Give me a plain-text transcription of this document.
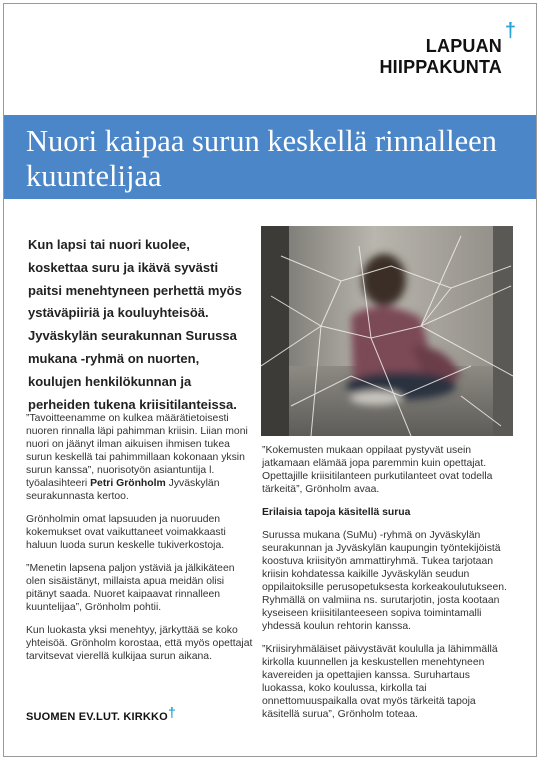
LAPUAN
HIIPPAKUNTA
†
Nuori kaipaa surun keskellä rinnalleen kuuntelijaa
Kun lapsi tai nuori kuolee, koskettaa suru ja ikävä syvästi paitsi menehtyneen perhettä myös ystäväpiiriä ja kouluyhteisöä. Jyväskylän seurakunnan Surussa mukana -ryhmä on nuorten, koulujen henkilökunnan ja perheiden tukena kriisitilanteissa.

”Tavoitteenamme on kulkea määrätietoisesti nuoren rinnalla läpi pahimman kriisin. Liian moni nuori on jäänyt ilman aikuisen ihmisen tukea surun keskellä tai pahimmillaan kokonaan yksin surun kanssa”, nuorisotyön asiantuntija l. työalasihteeri Petri Grönholm Jyväskylän seurakunnasta kertoo.

Grönholmin omat lapsuuden ja nuoruuden kokemukset ovat vaikuttaneet voimakkaasti haluun luoda surun keskelle tukiverkostoja.

”Menetin lapsena paljon ystäviä ja jälkikäteen olen sisäistänyt, millaista apua meidän olisi pitänyt saada. Nuoret kaipaavat rinnalleen kuuntelijaa”, Grönholm pohtii.

Kun luokasta yksi menehtyy, järkyttää se koko yhteisöä. Grönholm korostaa, että myös opettajat tarvitsevat vierellä kulkijaa surun aikana.

”Kokemusten mukaan oppilaat pystyvät usein jatkamaan elämää jopa paremmin kuin opettajat. Opettajille kriisitilanteen purkutilanteet ovat todella tärkeitä”, Grönholm avaa.

Erilaisia tapoja käsitellä surua

Surussa mukana (SuMu) -ryhmä on Jyväskylän seurakunnan ja Jyväskylän kaupungin työntekijöistä koostuva kriisityön ammattiryhmä. Tukea tarjotaan kriisin kohdatessa kaikille Jyväskylän seudun oppilaitoksille perusopetuksesta korkeakoulutukseen. Ryhmällä on valmiina ns. surutarjotin, josta kootaan kyseiseen kriisitilanteeseen sopiva toimintamalli yhdessä koulun rehtorin kanssa.

”Kriisiryhmäläiset päivystävät koululla ja lähimmällä kirkolla kuunnellen ja keskustellen menehtyneen kavereiden ja opettajien kanssa. Suruhartaus luokassa, koko koulussa, kirkolla tai onnettomuuspaikalla ovat myös tärkeitä tapoja käsitellä surua”, Grönholm toteaa.

SUOMEN EV.LUT. KIRKKO †
